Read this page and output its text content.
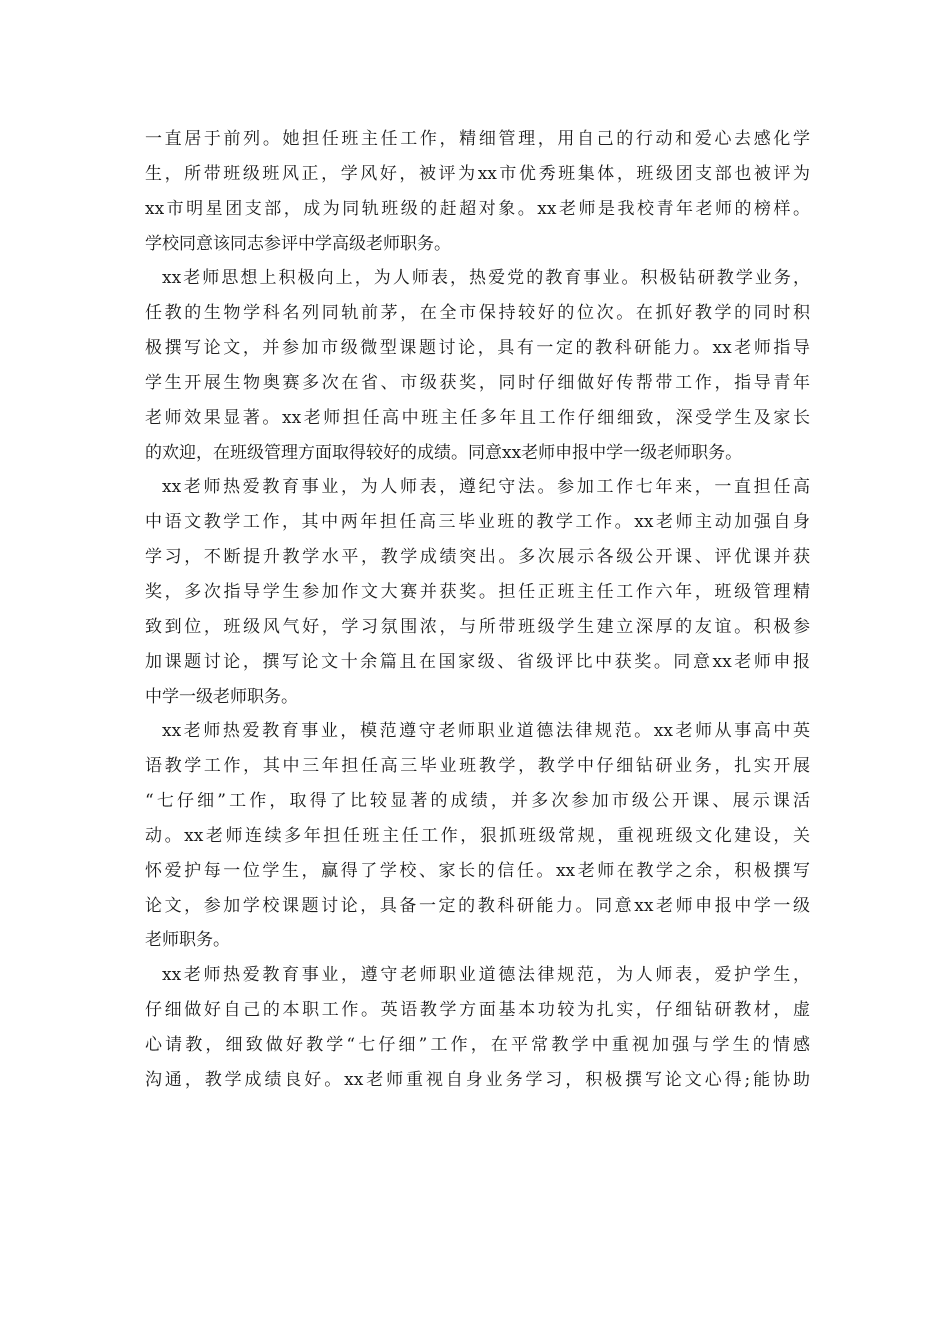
一直居于前列。她担任班主任工作，精细管理，用自己的行动和爱心去感化学
生，所带班级班风正，学风好，被评为xx市优秀班集体，班级团支部也被评为
xx市明星团支部，成为同轨班级的赶超对象。xx老师是我校青年老师的榜样。
学校同意该同志参评中学高级老师职务。
xx老师思想上积极向上，为人师表，热爱党的教育事业。积极钻研教学业务，
任教的生物学科名列同轨前茅，在全市保持较好的位次。在抓好教学的同时积
极撰写论文，并参加市级微型课题讨论，具有一定的教科研能力。xx老师指导
学生开展生物奥赛多次在省、市级获奖，同时仔细做好传帮带工作，指导青年
老师效果显著。xx老师担任高中班主任多年且工作仔细细致，深受学生及家长
的欢迎，在班级管理方面取得较好的成绩。同意xx老师申报中学一级老师职务。
xx老师热爱教育事业，为人师表，遵纪守法。参加工作七年来，一直担任高
中语文教学工作，其中两年担任高三毕业班的教学工作。xx老师主动加强自身
学习，不断提升教学水平，教学成绩突出。多次展示各级公开课、评优课并获
奖，多次指导学生参加作文大赛并获奖。担任正班主任工作六年，班级管理精
致到位，班级风气好，学习氛围浓，与所带班级学生建立深厚的友谊。积极参
加课题讨论，撰写论文十余篇且在国家级、省级评比中获奖。同意xx老师申报
中学一级老师职务。
xx老师热爱教育事业，模范遵守老师职业道德法律规范。xx老师从事高中英
语教学工作，其中三年担任高三毕业班教学，教学中仔细钻研业务，扎实开展
“七仔细”工作，取得了比较显著的成绩，并多次参加市级公开课、展示课活
动。xx老师连续多年担任班主任工作，狠抓班级常规，重视班级文化建设，关
怀爱护每一位学生，赢得了学校、家长的信任。xx老师在教学之余，积极撰写
论文，参加学校课题讨论，具备一定的教科研能力。同意xx老师申报中学一级
老师职务。
xx老师热爱教育事业，遵守老师职业道德法律规范，为人师表，爱护学生，
仔细做好自己的本职工作。英语教学方面基本功较为扎实，仔细钻研教材，虚
心请教，细致做好教学“七仔细”工作，在平常教学中重视加强与学生的情感
沟通，教学成绩良好。xx老师重视自身业务学习，积极撰写论文心得;能协助
